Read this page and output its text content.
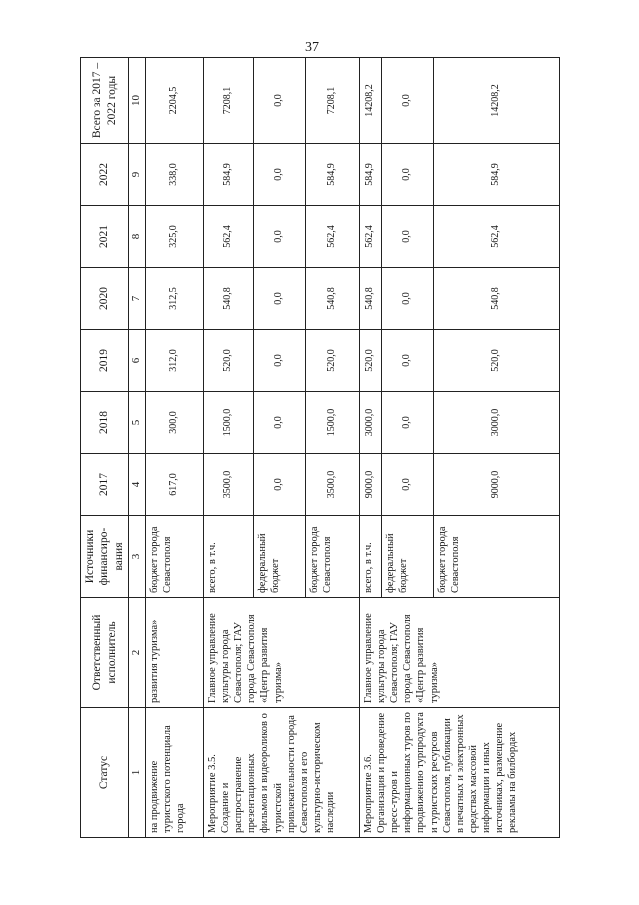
37
Статус	Ответственный исполнитель	Источники финансиро-вания	2017	2018	2019	2020	2021	2022	Всего за 2017 – 2022 годы
1	2	3	4	5	6	7	8	9	10
на продвижение туристского потенциала города	развития туризма»	бюджет города Севастополя	617,0	300,0	312,0	312,5	325,0	338,0	2204,5
Мероприятие 3.5. Создание и распространение презентационных фильмов и видеороликов о туристской привлекательности города Севастополя и его культурно-историческом наследии	Главное управление культуры города Севастополя; ГАУ города Севастополя «Центр развития туризма»	всего, в т.ч.	3500,0	1500,0	520,0	540,8	562,4	584,9	7208,1
		федеральный бюджет	0,0	0,0	0,0	0,0	0,0	0,0	0,0
		бюджет города Севастополя	3500,0	1500,0	520,0	540,8	562,4	584,9	7208,1
Мероприятие 3.6. Организация и проведение пресс-туров и информационных туров по продвижению турпродукта и туристских ресурсов Севастополя, публикации в печатных и электронных средствах массовой информации и иных источниках, размещение рекламы на билбордах	Главное управление культуры города Севастополя; ГАУ города Севастополя «Центр развития туризма»	всего, в т.ч.	9000,0	3000,0	520,0	540,8	562,4	584,9	14208,2
		федеральный бюджет	0,0	0,0	0,0	0,0	0,0	0,0	0,0
		бюджет города Севастополя	9000,0	3000,0	520,0	540,8	562,4	584,9	14208,2
